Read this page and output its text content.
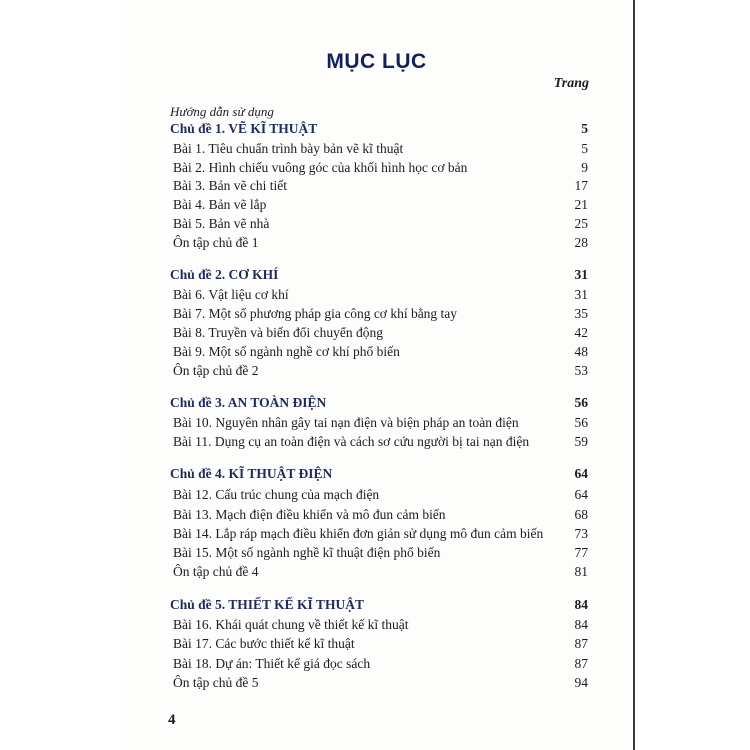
MỤC LỤC
Trang
Hướng dẫn sử dụng
Chủ đề 1. VẼ KĨ THUẬT	5
Bài 1. Tiêu chuẩn trình bày bản vẽ kĩ thuật	5
Bài 2. Hình chiếu vuông góc của khối hình học cơ bản	9
Bài 3. Bản vẽ chi tiết	17
Bài 4. Bản vẽ lắp	21
Bài 5. Bản vẽ nhà	25
Ôn tập chủ đề 1	28
Chủ đề 2. CƠ KHÍ	31
Bài 6. Vật liệu cơ khí	31
Bài 7. Một số phương pháp gia công cơ khí bằng tay	35
Bài 8. Truyền và biến đổi chuyển động	42
Bài 9. Một số ngành nghề cơ khí phổ biến	48
Ôn tập chủ đề 2	53
Chủ đề 3. AN TOÀN ĐIỆN	56
Bài 10. Nguyên nhân gây tai nạn điện và biện pháp an toàn điện	56
Bài 11. Dụng cụ an toàn điện và cách sơ cứu người bị tai nạn điện	59
Chủ đề 4. KĨ THUẬT ĐIỆN	64
Bài 12. Cấu trúc chung của mạch điện	64
Bài 13. Mạch điện điều khiển và mô đun cảm biến	68
Bài 14. Lắp ráp mạch điều khiển đơn giản sử dụng mô đun cảm biến 73
Bài 15. Một số ngành nghề kĩ thuật điện phổ biến	77
Ôn tập chủ đề 4	81
Chủ đề 5. THIẾT KẾ KĨ THUẬT	84
Bài 16. Khái quát chung về thiết kế kĩ thuật	84
Bài 17. Các bước thiết kế kĩ thuật	87
Bài 18. Dự án: Thiết kế giá đọc sách	87
Ôn tập chủ đề 5	94
4
